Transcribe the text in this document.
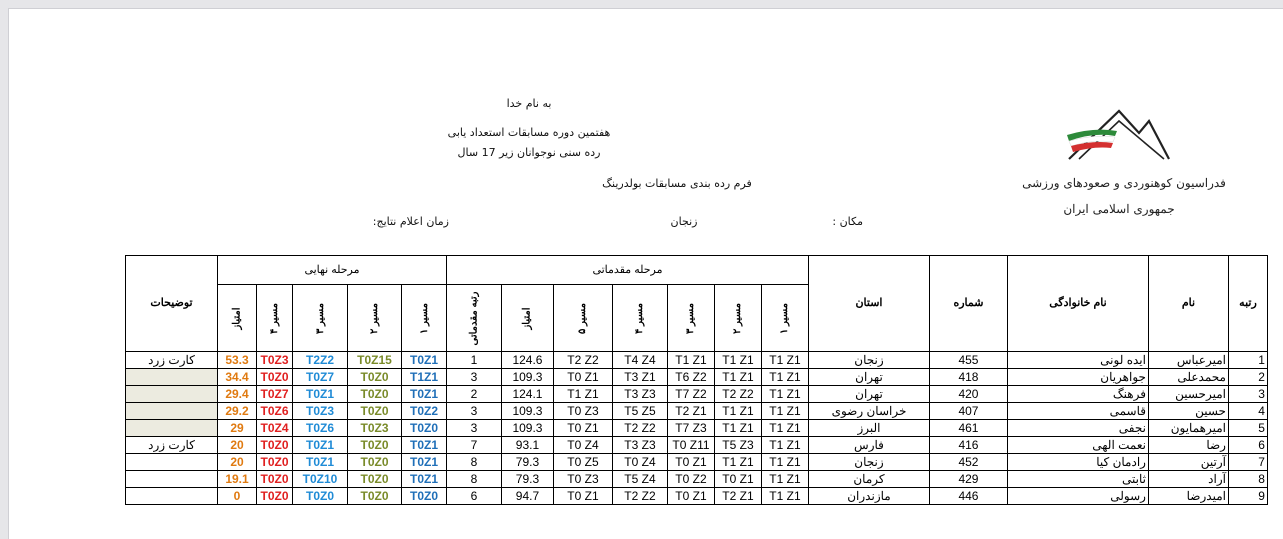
فدراسیون کوهنوردی و صعودهای ورزشی
جمهوری اسلامی ایران
به نام خدا
هفتمین دوره مسابقات استعداد یابی
رده سنی نوجوانان زیر 17 سال
فرم رده بندی مسابقات بولدرینگ
مکان :
زنجان
زمان اعلام نتایج:
رتبه	نام	نام خانوادگی	شماره	استان	مرحله مقدماتی							مرحله نهایی					توضیحات
					مسیر ۱	مسیر ۲	مسیر ۳	مسیر ۴	مسیر ۵	امتیاز	رتبه مقدماتی	مسیر ۱	مسیر ۲	مسیر ۳	مسیر ۴	امتیاز	
1	امیرعباس	ایده لونی	455	زنجان	T1 Z1	T1 Z1	T1 Z1	T4 Z4	T2 Z2	124.6	1	T0Z1	T0Z15	T2Z2	T0Z3	53.3	کارت زرد
2	محمدعلی	جواهریان	418	تهران	T1 Z1	T1 Z1	T6 Z2	T3 Z1	T0 Z1	109.3	3	T1Z1	T0Z0	T0Z7	T0Z0	34.4	
3	امیرحسین	فرهنگ	420	تهران	T1 Z1	T2 Z2	T7 Z2	T3 Z3	T1 Z1	124.1	2	T0Z1	T0Z0	T0Z1	T0Z7	29.4	
4	حسین	قاسمی	407	خراسان رضوی	T1 Z1	T1 Z1	T2 Z1	T5 Z5	T0 Z3	109.3	3	T0Z2	T0Z0	T0Z3	T0Z6	29.2	
5	امیرهمایون	نجفی	461	البرز	T1 Z1	T1 Z1	T7 Z3	T2 Z2	T0 Z1	109.3	3	T0Z0	T0Z3	T0Z6	T0Z4	29	
6	رضا	نعمت الهی	416	فارس	T1 Z1	T5 Z3	T0 Z11	T3 Z3	T0 Z4	93.1	7	T0Z1	T0Z0	T0Z1	T0Z0	20	کارت زرد
7	آرتین	رادمان کیا	452	زنجان	T1 Z1	T1 Z1	T0 Z1	T0 Z4	T0 Z5	79.3	8	T0Z1	T0Z0	T0Z1	T0Z0	20	
8	آراد	ثابتی	429	کرمان	T1 Z1	T0 Z1	T0 Z2	T5 Z4	T0 Z3	79.3	8	T0Z1	T0Z0	T0Z10	T0Z0	19.1	
9	امیدرضا	رسولی	446	مازندران	T1 Z1	T2 Z1	T0 Z1	T2 Z2	T0 Z1	94.7	6	T0Z0	T0Z0	T0Z0	T0Z0	0	
